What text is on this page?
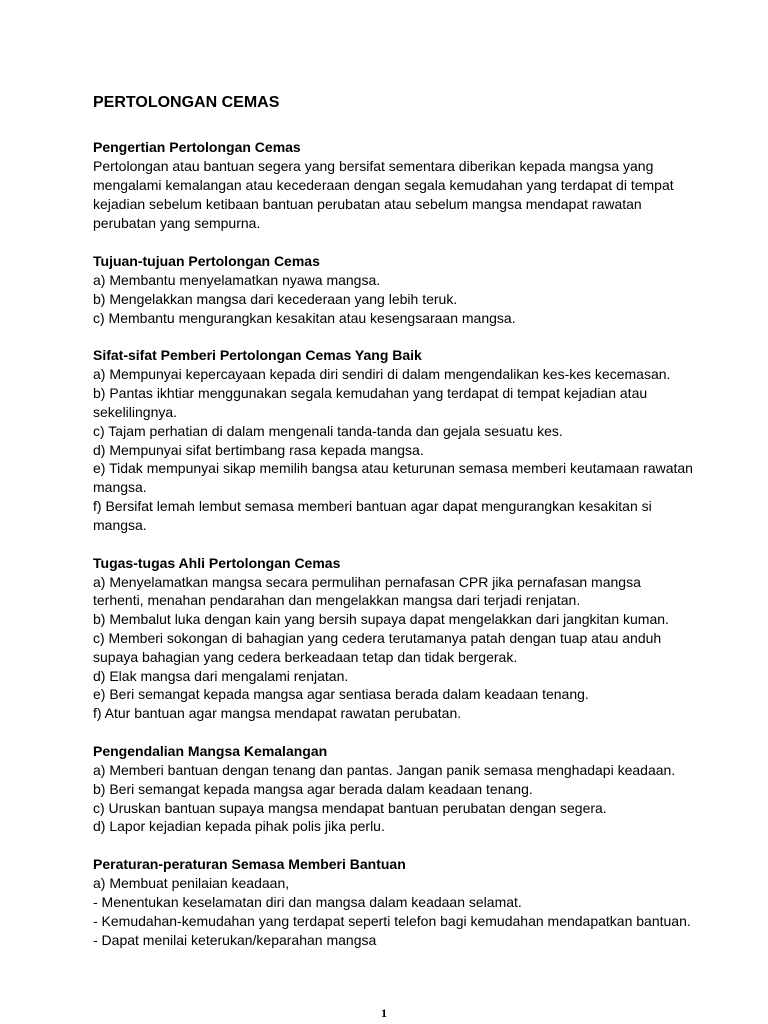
PERTOLONGAN CEMAS

Pengertian Pertolongan Cemas

Pertolongan atau bantuan segera yang bersifat sementara diberikan kepada mangsa yang mengalami kemalangan atau kecederaan dengan segala kemudahan yang terdapat di tempat kejadian sebelum ketibaan bantuan perubatan atau sebelum mangsa mendapat rawatan perubatan yang sempurna.

Tujuan-tujuan Pertolongan Cemas

a) Membantu menyelamatkan nyawa mangsa.

b) Mengelakkan mangsa dari kecederaan yang lebih teruk.

c) Membantu mengurangkan kesakitan atau kesengsaraan mangsa.

Sifat-sifat Pemberi Pertolongan Cemas Yang Baik

a) Mempunyai kepercayaan kepada diri sendiri di dalam mengendalikan kes-kes kecemasan.

b) Pantas ikhtiar menggunakan segala kemudahan yang terdapat di tempat kejadian atau sekelilingnya.

c) Tajam perhatian di dalam mengenali tanda-tanda dan gejala sesuatu kes.

d) Mempunyai sifat bertimbang rasa kepada mangsa.

e) Tidak mempunyai sikap memilih bangsa atau keturunan semasa memberi keutamaan rawatan mangsa.

f) Bersifat lemah lembut semasa memberi bantuan agar dapat mengurangkan kesakitan si mangsa.

Tugas-tugas Ahli Pertolongan Cemas

a) Menyelamatkan mangsa secara permulihan pernafasan CPR jika pernafasan mangsa terhenti, menahan pendarahan dan mengelakkan mangsa dari terjadi renjatan.

b) Membalut luka dengan kain yang bersih supaya dapat mengelakkan dari jangkitan kuman.

c) Memberi sokongan di bahagian yang cedera terutamanya patah dengan tuap atau anduh supaya bahagian yang cedera berkeadaan tetap dan tidak bergerak.

d) Elak mangsa dari mengalami renjatan.

e) Beri semangat kepada mangsa agar sentiasa berada dalam keadaan tenang.

f) Atur bantuan agar mangsa mendapat rawatan perubatan.

Pengendalian Mangsa Kemalangan

a) Memberi bantuan dengan tenang dan pantas. Jangan panik semasa menghadapi keadaan.

b) Beri semangat kepada mangsa agar berada dalam keadaan tenang.

c) Uruskan bantuan supaya mangsa mendapat bantuan perubatan dengan segera.

d) Lapor kejadian kepada pihak polis jika perlu.

Peraturan-peraturan Semasa Memberi Bantuan

a) Membuat penilaian keadaan,

- Menentukan keselamatan diri dan mangsa dalam keadaan selamat.

- Kemudahan-kemudahan yang terdapat seperti telefon bagi kemudahan mendapatkan bantuan.

- Dapat menilai keterukan/keparahan mangsa

1
